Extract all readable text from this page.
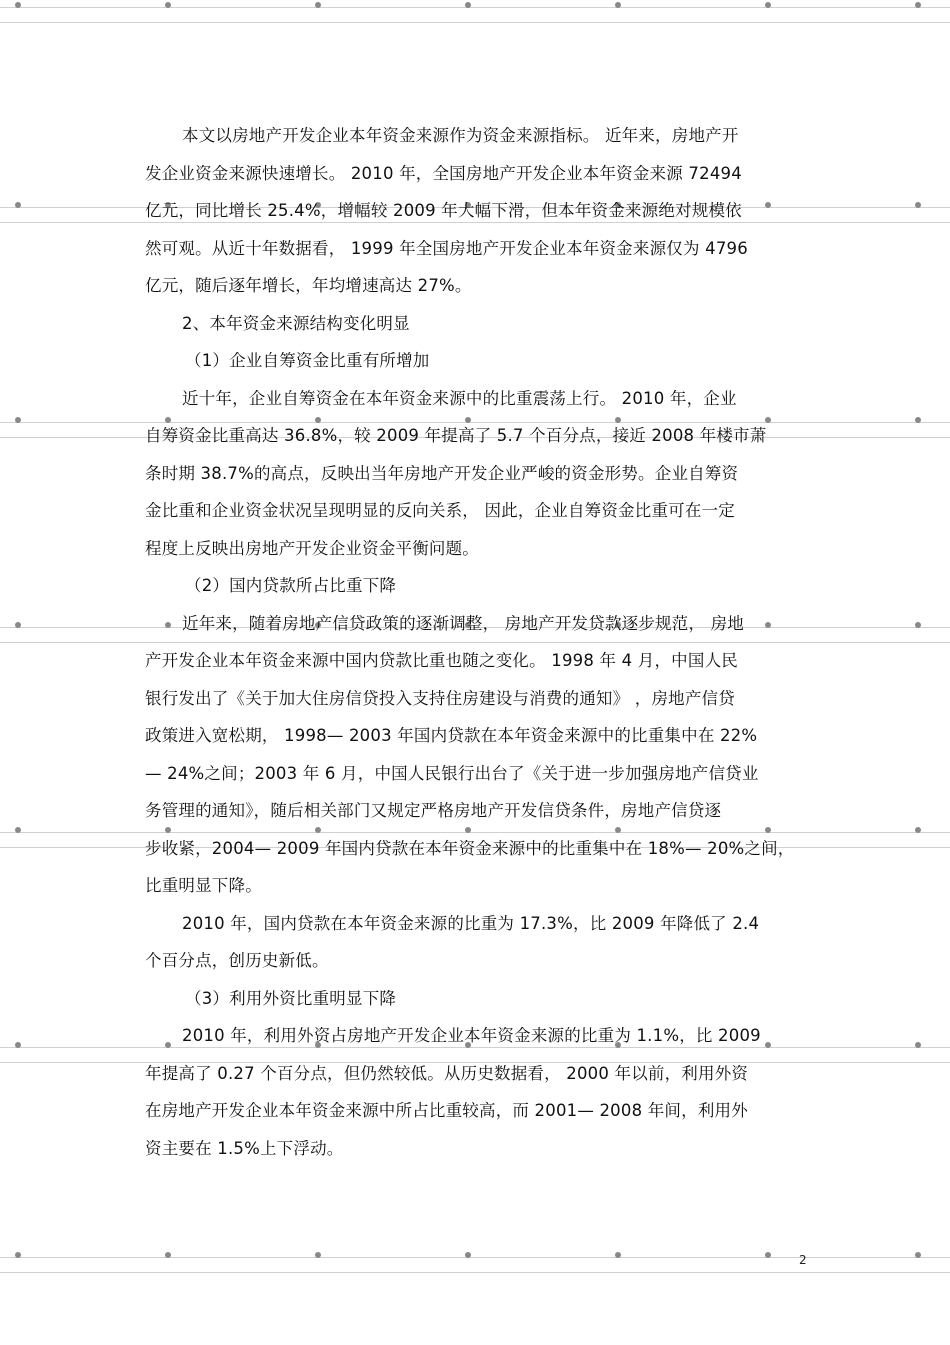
本文以房地产开发企业本年资金来源作为资金来源指标。 近年来，房地产开

发企业资金来源快速增长。 2010 年，全国房地产开发企业本年资金来源 72494

亿元，同比增长 25.4%，增幅较 2009 年大幅下滑，但本年资金来源绝对规模依

然可观。从近十年数据看， 1999 年全国房地产开发企业本年资金来源仅为 4796

亿元，随后逐年增长，年均增速高达 27%。

2、本年资金来源结构变化明显

（1）企业自筹资金比重有所增加

近十年，企业自筹资金在本年资金来源中的比重震荡上行。 2010 年，企业

自筹资金比重高达 36.8%，较 2009 年提高了 5.7 个百分点，接近 2008 年楼市萧

条时期 38.7%的高点，反映出当年房地产开发企业严峻的资金形势。企业自筹资

金比重和企业资金状况呈现明显的反向关系， 因此，企业自筹资金比重可在一定

程度上反映出房地产开发企业资金平衡问题。

（2）国内贷款所占比重下降

近年来，随着房地产信贷政策的逐渐调整， 房地产开发贷款逐步规范， 房地

产开发企业本年资金来源中国内贷款比重也随之变化。 1998 年 4 月，中国人民

银行发出了《关于加大住房信贷投入支持住房建设与消费的通知》 ，房地产信贷

政策进入宽松期， 1998— 2003 年国内贷款在本年资金来源中的比重集中在 22%

— 24%之间；2003 年 6 月，中国人民银行出台了《关于进一步加强房地产信贷业

务管理的通知》，随后相关部门又规定严格房地产开发信贷条件，房地产信贷逐

步收紧，2004— 2009 年国内贷款在本年资金来源中的比重集中在 18%— 20%之间，

比重明显下降。

2010 年，国内贷款在本年资金来源的比重为 17.3%，比 2009 年降低了 2.4

个百分点，创历史新低。

（3）利用外资比重明显下降

2010 年，利用外资占房地产开发企业本年资金来源的比重为 1.1%，比 2009

年提高了 0.27 个百分点，但仍然较低。从历史数据看， 2000 年以前，利用外资

在房地产开发企业本年资金来源中所占比重较高，而 2001— 2008 年间，利用外

资主要在 1.5%上下浮动。

2
